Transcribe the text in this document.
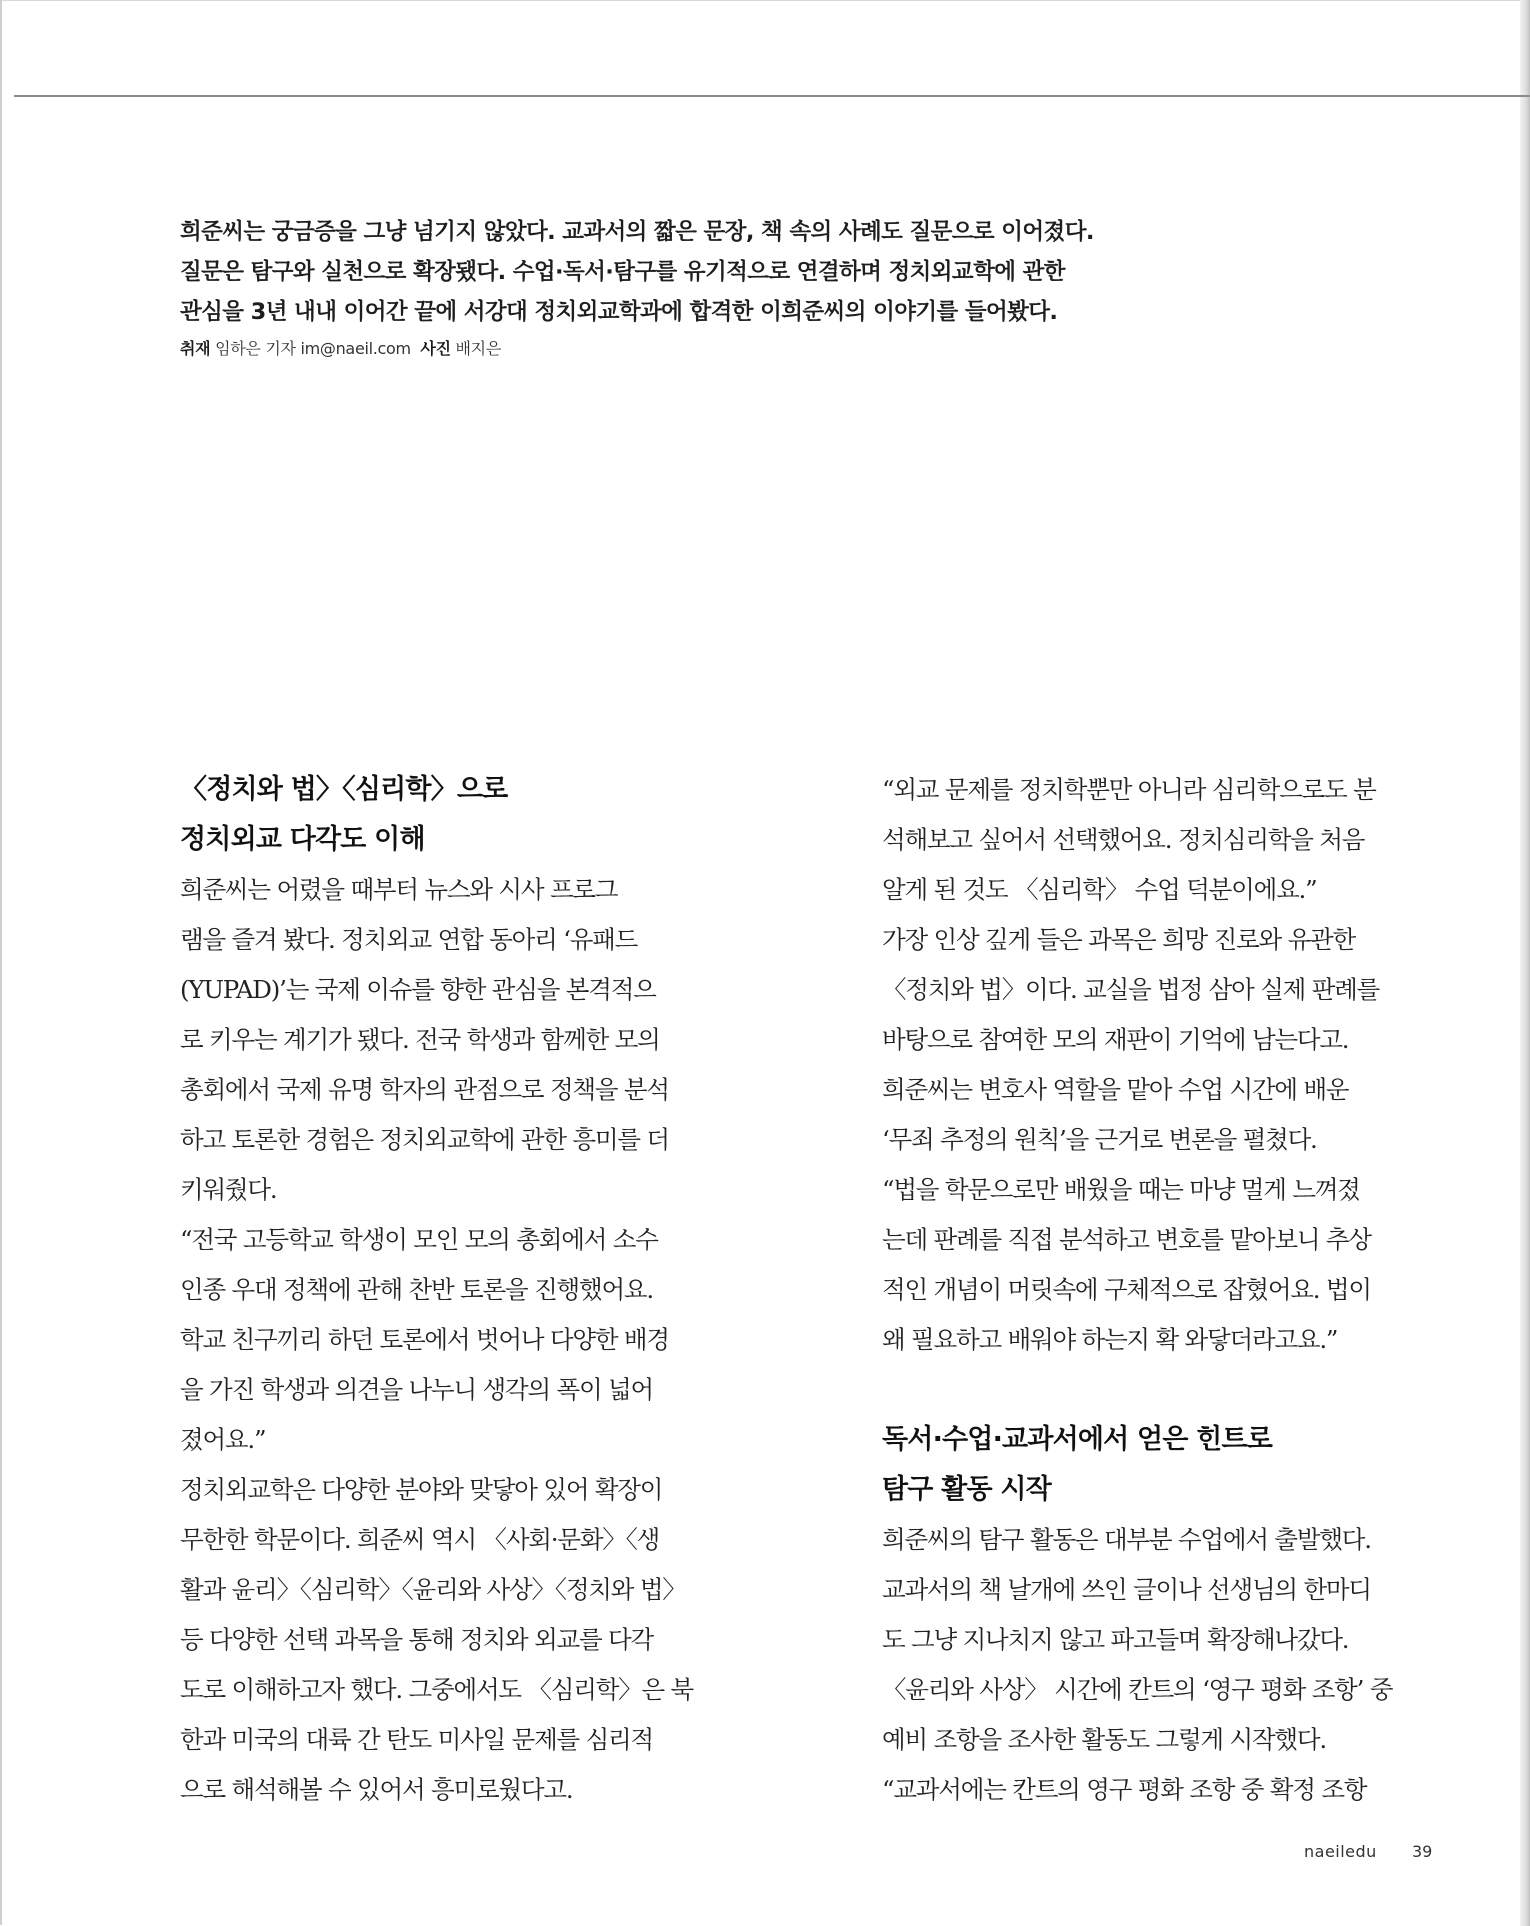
희준씨는 궁금증을 그냥 넘기지 않았다. 교과서의 짧은 문장, 책 속의 사례도 질문으로 이어졌다.
질문은 탐구와 실천으로 확장됐다. 수업·독서·탐구를 유기적으로 연결하며 정치외교학에 관한
관심을 3년 내내 이어간 끝에 서강대 정치외교학과에 합격한 이희준씨의 이야기를 들어봤다.
취재 임하은 기자 im@naeil.com 사진 배지은
〈정치와 법〉〈심리학〉으로
정치외교 다각도 이해
희준씨는 어렸을 때부터 뉴스와 시사 프로그
램을 즐겨 봤다. 정치외교 연합 동아리 ‘유패드
(YUPAD)’는 국제 이슈를 향한 관심을 본격적으
로 키우는 계기가 됐다. 전국 학생과 함께한 모의
총회에서 국제 유명 학자의 관점으로 정책을 분석
하고 토론한 경험은 정치외교학에 관한 흥미를 더
키워줬다.
“전국 고등학교 학생이 모인 모의 총회에서 소수
인종 우대 정책에 관해 찬반 토론을 진행했어요.
학교 친구끼리 하던 토론에서 벗어나 다양한 배경
을 가진 학생과 의견을 나누니 생각의 폭이 넓어
졌어요.”
정치외교학은 다양한 분야와 맞닿아 있어 확장이
무한한 학문이다. 희준씨 역시 〈사회·문화〉〈생
활과 윤리〉〈심리학〉〈윤리와 사상〉〈정치와 법〉
등 다양한 선택 과목을 통해 정치와 외교를 다각
도로 이해하고자 했다. 그중에서도 〈심리학〉은 북
한과 미국의 대륙 간 탄도 미사일 문제를 심리적
으로 해석해볼 수 있어서 흥미로웠다고.
“외교 문제를 정치학뿐만 아니라 심리학으로도 분
석해보고 싶어서 선택했어요. 정치심리학을 처음
알게 된 것도 〈심리학〉 수업 덕분이에요.”
가장 인상 깊게 들은 과목은 희망 진로와 유관한
〈정치와 법〉이다. 교실을 법정 삼아 실제 판례를
바탕으로 참여한 모의 재판이 기억에 남는다고.
희준씨는 변호사 역할을 맡아 수업 시간에 배운
‘무죄 추정의 원칙’을 근거로 변론을 펼쳤다.
“법을 학문으로만 배웠을 때는 마냥 멀게 느껴졌
는데 판례를 직접 분석하고 변호를 맡아보니 추상
적인 개념이 머릿속에 구체적으로 잡혔어요. 법이
왜 필요하고 배워야 하는지 확 와닿더라고요.”
독서·수업·교과서에서 얻은 힌트로
탐구 활동 시작
희준씨의 탐구 활동은 대부분 수업에서 출발했다.
교과서의 책 날개에 쓰인 글이나 선생님의 한마디
도 그냥 지나치지 않고 파고들며 확장해나갔다.
〈윤리와 사상〉 시간에 칸트의 ‘영구 평화 조항’ 중
예비 조항을 조사한 활동도 그렇게 시작했다.
“교과서에는 칸트의 영구 평화 조항 중 확정 조항
naeiledu 39
